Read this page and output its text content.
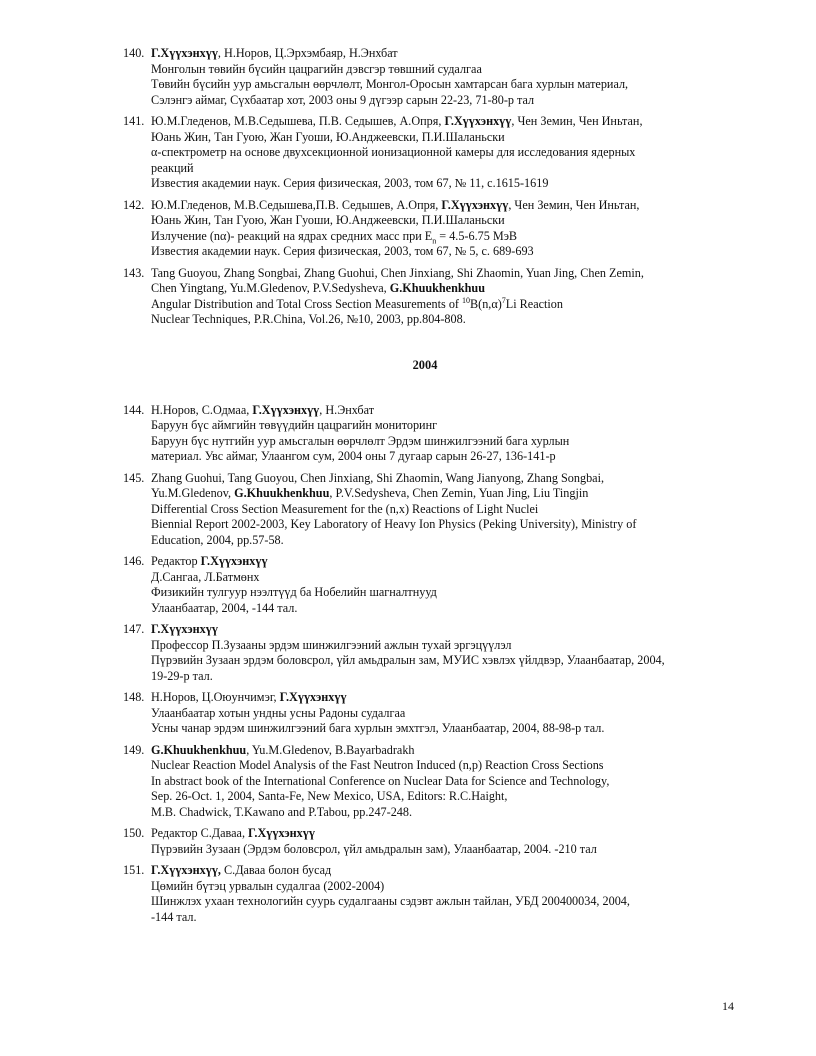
140. Г.Хүүхэнхүү, Н.Норов, Ц.Эрхэмбаяр, Н.Энхбат
Монголын төвийн бүсийн цацрагийн дэвсгэр төвшний судалгаа
Төвийн бүсийн уур амьсгалын өөрчлөлт, Монгол-Оросын хамтарсан бага хурлын материал,
Сэлэнгэ аймаг, Сүхбаатар хот, 2003 оны 9 дүгээр сарын 22-23, 71-80-р тал
141. Ю.М.Гледенов, М.В.Седышева, П.В. Седышев, А.Опря, Г.Хүүхэнхүү, Чен Земин, Чен Иньтан,
Юань Жин, Тан Гуою, Жан Гуоши, Ю.Анджеевски, П.И.Шаланьски
α-спектрометр на основе двухсекционной ионизационной камеры для исследования ядерных
реакций
Известия академии наук. Серия физическая, 2003, том 67, № 11, с.1615-1619
142. Ю.М.Гледенов, М.В.Седышева,П.В. Седышев, А.Опря, Г.Хүүхэнхүү, Чен Земин, Чен Иньтан,
Юань Жин, Тан Гуою, Жан Гуоши, Ю.Анджеевски, П.И.Шаланьски
Излучение (nα)- реакций на ядрах средних масс при $E_n = 4.5-6.75$ МэВ
Известия академии наук. Серия физическая, 2003, том 67, № 5, с. 689-693
143. Tang Guoyou, Zhang Songbai, Zhang Guohui, Chen Jinxiang, Shi Zhaomin, Yuan Jing, Chen Zemin,
Chen Yingtang, Yu.M.Gledenov, P.V.Sedysheva, G.Khuukhenkhuu
Angular Distribution and Total Cross Section Measurements of $^{10}B(n,\alpha)^7Li$ Reaction
Nuclear Techniques, P.R.China, Vol.26, №10, 2003, pp.804-808.
2004
144. Н.Норов, С.Одмаа, Г.Хүүхэнхүү, Н.Энхбат
Баруун бүс аймгийн төвүүдийн цацрагийн мониторинг
Баруун бүс нутгийн уур амьсгалын өөрчлөлт Эрдэм шинжилгээний бага хурлын
материал. Увс аймаг, Улаангом сум, 2004 оны 7 дугаар сарын 26-27, 136-141-р
145. Zhang Guohui, Tang Guoyou, Chen Jinxiang, Shi Zhaomin, Wang Jianyong, Zhang Songbai,
Yu.M.Gledenov, G.Khuukhenkhuu, P.V.Sedysheva, Chen Zemin, Yuan Jing, Liu Tingjin
Differential Cross Section Measurement for the (n,x) Reactions of Light Nuclei
Biennial Report 2002-2003, Key Laboratory of Heavy Ion Physics (Peking University), Ministry of
Education, 2004, pp.57-58.
146. Редактор Г.Хүүхэнхүү
Д.Сангаа, Л.Батмөнх
Физикийн тулгуур нээлтүүд ба Нобелийн шагналтнууд
Улаанбаатар, 2004, -144 тал.
147. Г.Хүүхэнхүү
Профессор П.Зузааны эрдэм шинжилгээний ажлын тухай эргэцүүлэл
Пүрэвийн Зузаан эрдэм боловсрол, үйл амьдралын зам, МУИС хэвлэх үйлдвэр, Улаанбаатар, 2004,
19-29-р тал.
148. Н.Норов, Ц.Оюунчимэг, Г.Хүүхэнхүү
Улаанбаатар хотын ундны усны Радоны судалгаа
Усны чанар эрдэм шинжилгээний бага хурлын эмхтгэл, Улаанбаатар, 2004, 88-98-р тал.
149. G.Khuukhenkhuu, Yu.M.Gledenov, B.Bayarbadrakh
Nuclear Reaction Model Analysis of the Fast Neutron Induced (n,p) Reaction Cross Sections
In abstract book of the International Conference on Nuclear Data for Science and Technology,
Sep. 26-Oct. 1, 2004, Santa-Fe, New Mexico, USA, Editors: R.C.Haight,
M.B. Chadwick, T.Kawano and P.Tabou, pp.247-248.
150. Редактор С.Даваа, Г.Хүүхэнхүү
Пүрэвийн Зузаан (Эрдэм боловсрол, үйл амьдралын зам), Улаанбаатар, 2004. -210 тал
151. Г.Хүүхэнхүү, С.Даваа болон бусад
Цөмийн бүтэц урвалын судалгаа (2002-2004)
Шинжлэх ухаан технологийн суурь судалгааны сэдэвт ажлын тайлан, УБД 200400034, 2004,
-144 тал.
14
